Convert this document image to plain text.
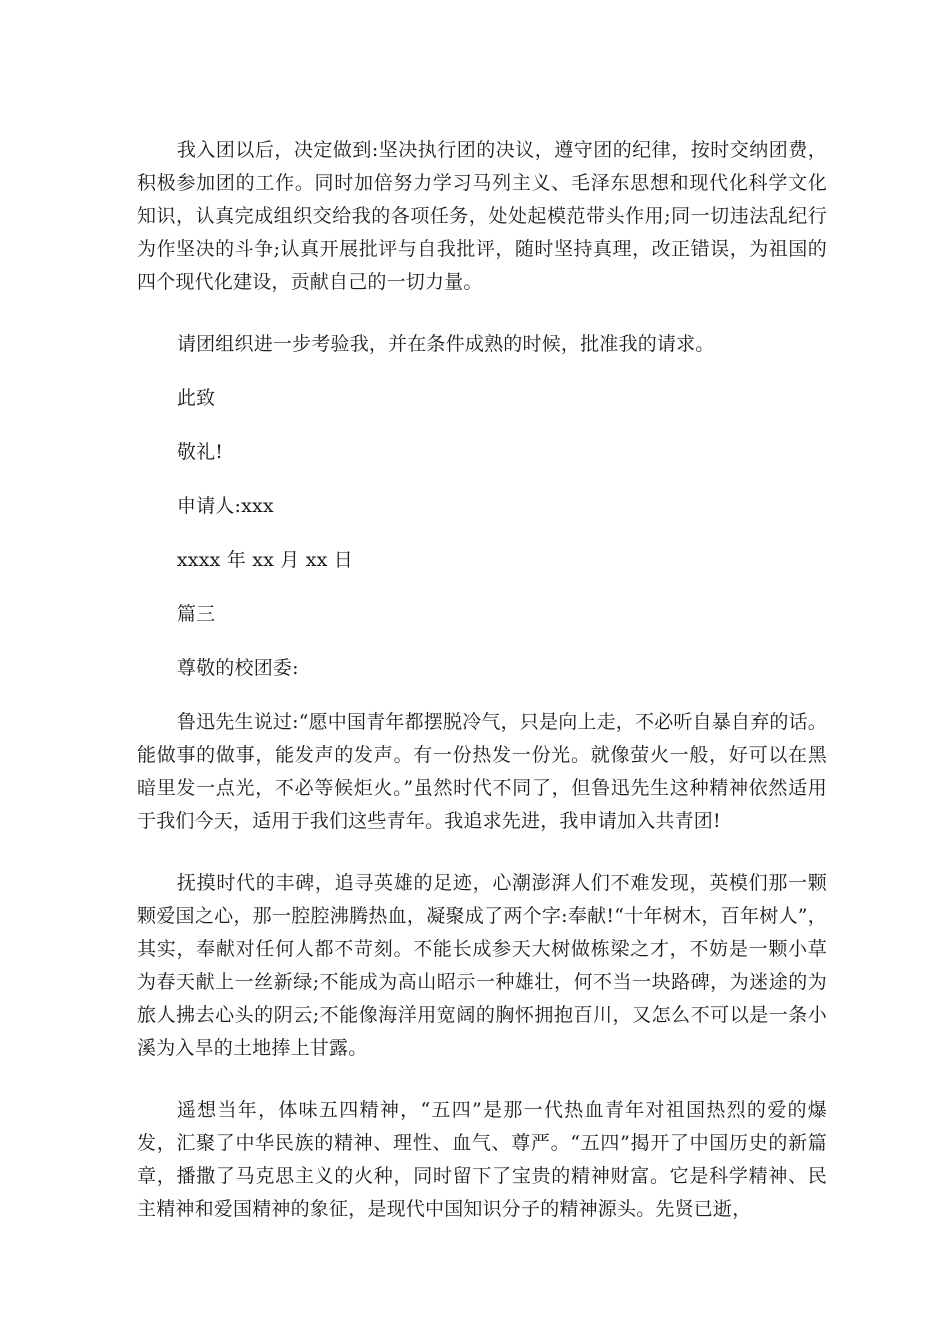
我入团以后，决定做到:坚决执行团的决议，遵守团的纪律，按时交纳团费，积极参加团的工作。同时加倍努力学习马列主义、毛泽东思想和现代化科学文化知识，认真完成组织交给我的各项任务，处处起模范带头作用;同一切违法乱纪行为作坚决的斗争;认真开展批评与自我批评，随时坚持真理，改正错误，为祖国的四个现代化建设，贡献自己的一切力量。

请团组织进一步考验我，并在条件成熟的时候，批准我的请求。

此致

敬礼!

申请人:xxx

xxxx 年 xx 月 xx 日

篇三

尊敬的校团委:

鲁迅先生说过:“愿中国青年都摆脱冷气，只是向上走，不必听自暴自弃的话。能做事的做事，能发声的发声。有一份热发一份光。就像萤火一般，好可以在黑暗里发一点光，不必等候炬火。”虽然时代不同了，但鲁迅先生这种精神依然适用于我们今天，适用于我们这些青年。我追求先进，我申请加入共青团!

抚摸时代的丰碑，追寻英雄的足迹，心潮澎湃人们不难发现，英模们那一颗颗爱国之心，那一腔腔沸腾热血，凝聚成了两个字:奉献!“十年树木，百年树人”，其实，奉献对任何人都不苛刻。不能长成参天大树做栋梁之才，不妨是一颗小草为春天献上一丝新绿;不能成为高山昭示一种雄壮，何不当一块路碑，为迷途的为旅人拂去心头的阴云;不能像海洋用宽阔的胸怀拥抱百川，又怎么不可以是一条小溪为入旱的土地捧上甘露。

遥想当年，体味五四精神，“五四”是那一代热血青年对祖国热烈的爱的爆发，汇聚了中华民族的精神、理性、血气、尊严。“五四”揭开了中国历史的新篇章，播撒了马克思主义的火种，同时留下了宝贵的精神财富。它是科学精神、民主精神和爱国精神的象征，是现代中国知识分子的精神源头。先贤已逝，
